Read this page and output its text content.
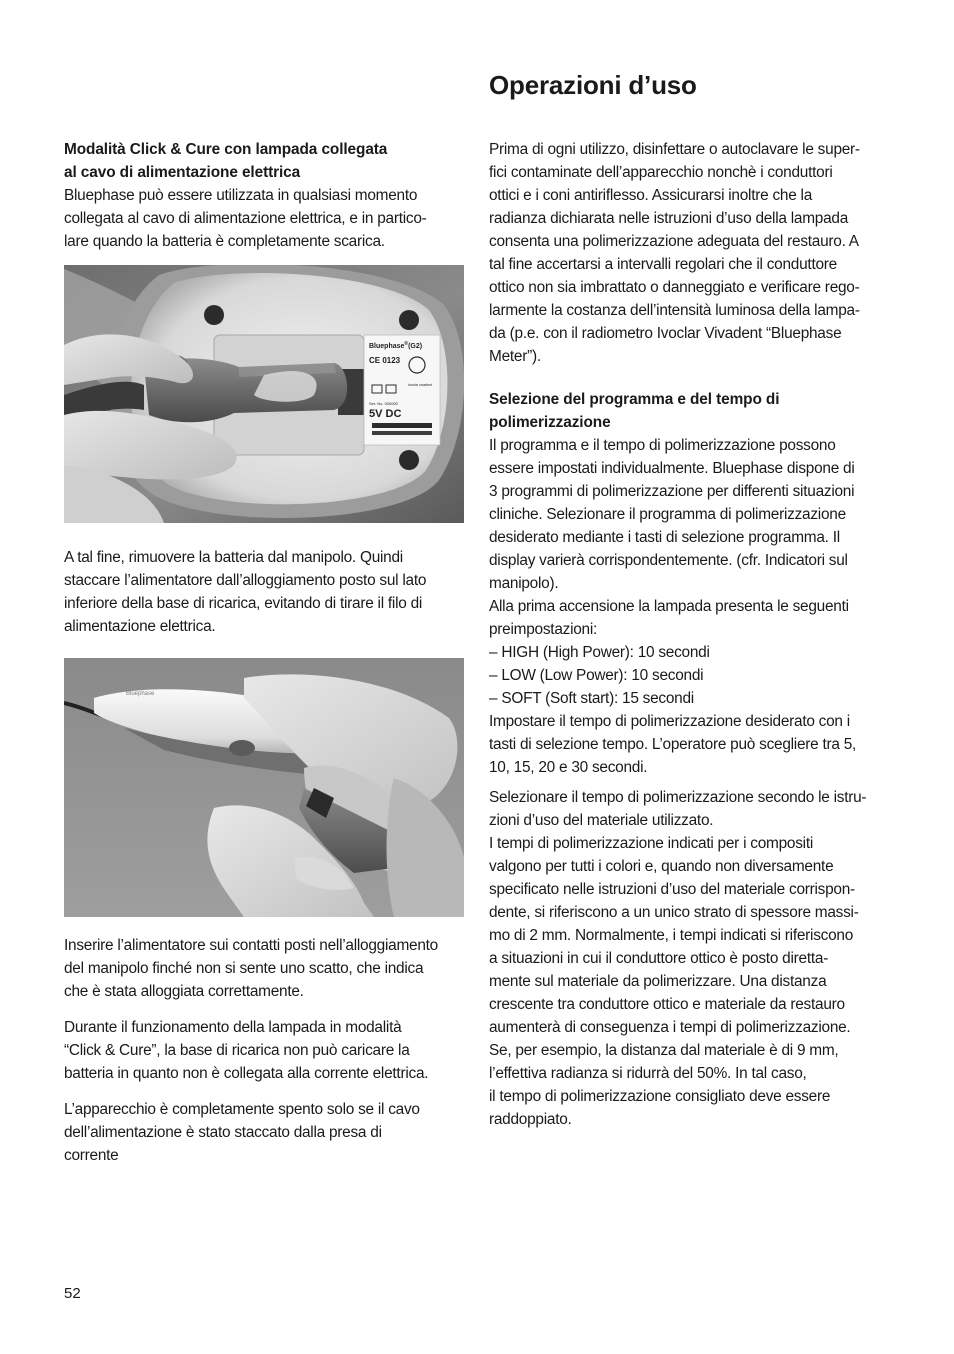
Operazioni d’uso
Modalità Click & Cure con lampada collegata
al cavo di alimentazione elettrica
Bluephase può essere utilizzata in qualsiasi momento
collegata al cavo di alimentazione elettrica, e in partico-
lare quando la batteria è completamente scarica.
A tal fine, rimuovere la batteria dal manipolo. Quindi
staccare l’alimentatore dall’alloggiamento posto sul lato
inferiore della base di ricarica, evitando di tirare il filo di
alimentazione elettrica.
Inserire l’alimentatore sui contatti posti nell’alloggiamento
del manipolo finché non si sente uno scatto, che indica
che è stata alloggiata correttamente.
Durante il funzionamento della lampada in modalità
“Click & Cure”, la base di ricarica non può caricare la
batteria in quanto non è collegata alla corrente elettrica.
L’apparecchio è completamente spento solo se il cavo
dell’alimentazione è stato staccato dalla presa di
corrente
Bluephase®(G2)
CE 0123
Ser. No. 000000
5V DC
ivoclar vivadent
Bluephase
Prima di ogni utilizzo, disinfettare o autoclavare le super-
fici contaminate dell’apparecchio nonchè i conduttori
ottici e i coni antiriflesso. Assicurarsi inoltre che la
radianza dichiarata nelle istruzioni d’uso della lampada
consenta una polimerizzazione adeguata del restauro. A
tal fine accertarsi a intervalli regolari che il conduttore
ottico non sia imbrattato o danneggiato e verificare rego-
larmente la costanza dell’intensità luminosa della lampa-
da (p.e. con il radiometro Ivoclar Vivadent “Bluephase
Meter”).
Selezione del programma e del tempo di
polimerizzazione
Il programma e il tempo di polimerizzazione possono
essere impostati individualmente. Bluephase dispone di
3 programmi di polimerizzazione per differenti situazioni
cliniche. Selezionare il programma di polimerizzazione
desiderato mediante i tasti di selezione programma. Il
display varierà corrispondentemente. (cfr. Indicatori sul
manipolo).
Alla prima accensione la lampada presenta le seguenti
preimpostazioni:
– HIGH (High Power): 10 secondi
– LOW (Low Power): 10 secondi
– SOFT (Soft start): 15 secondi
Impostare il tempo di polimerizzazione desiderato con i
tasti di selezione tempo. L’operatore può scegliere tra 5,
10, 15, 20 e 30 secondi.
Selezionare il tempo di polimerizzazione secondo le istru-
zioni d’uso del materiale utilizzato.
I tempi di polimerizzazione indicati per i compositi
valgono per tutti i colori e, quando non diversamente
specificato nelle istruzioni d’uso del materiale corrispon-
dente, si riferiscono a un unico strato di spessore massi-
mo di 2 mm. Normalmente, i tempi indicati si riferiscono
a situazioni in cui il conduttore ottico è posto diretta-
mente sul materiale da polimerizzare. Una distanza
crescente tra conduttore ottico e materiale da restauro
aumenterà di conseguenza i tempi di polimerizzazione.
Se, per esempio, la distanza dal materiale è di 9 mm,
l’effettiva radianza si ridurrà del 50%. In tal caso,
il tempo di polimerizzazione consigliato deve essere
raddoppiato.
52
